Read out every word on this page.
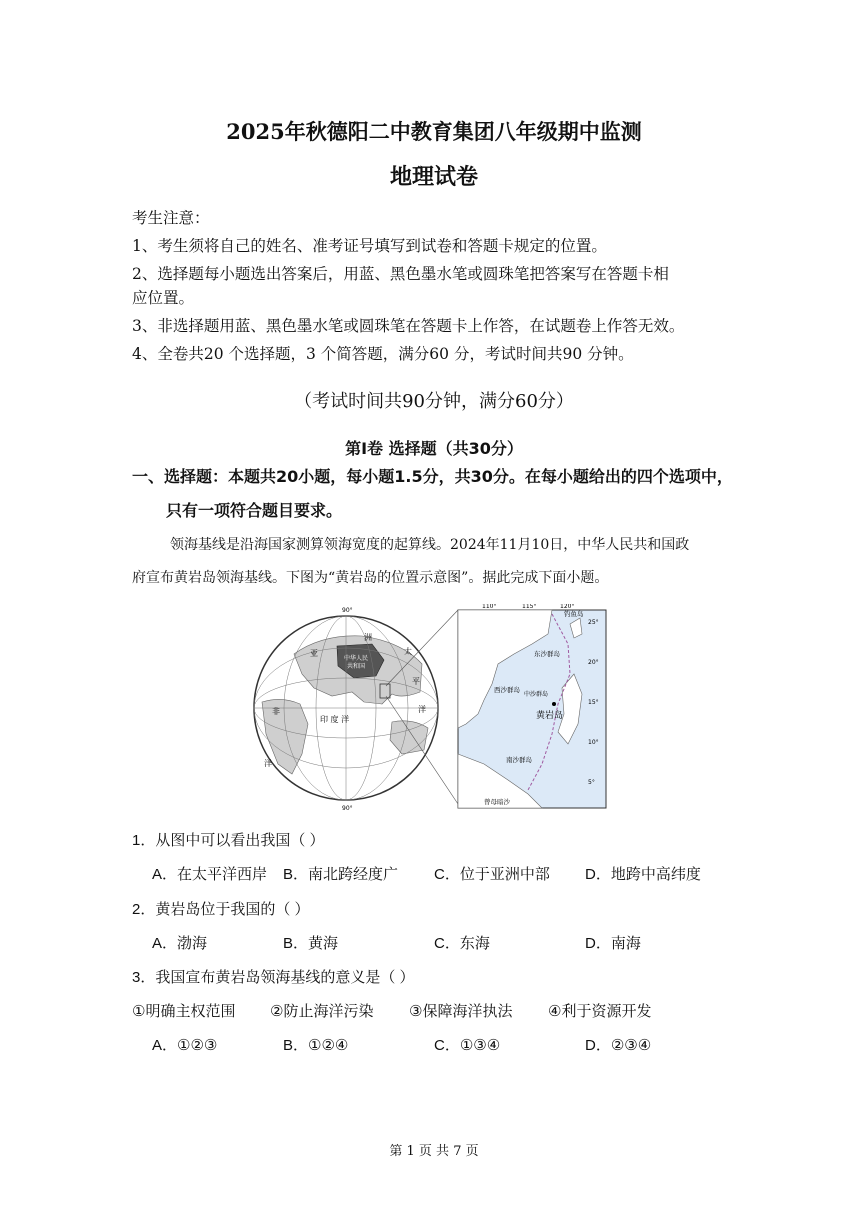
2025年秋德阳二中教育集团八年级期中监测
地理试卷
考生注意：
1、考生须将自己的姓名、准考证号填写到试卷和答题卡规定的位置。
2、选择题每小题选出答案后，用蓝、黑色墨水笔或圆珠笔把答案写在答题卡相
应位置。
3、非选择题用蓝、黑色墨水笔或圆珠笔在答题卡上作答，在试题卷上作答无效。
4、全卷共20 个选择题，3 个简答题，满分60 分，考试时间共90 分钟。
（考试时间共90分钟，满分60分）
第Ⅰ卷 选择题（共30分）
一、选择题：本题共20小题，每小题1.5分，共30分。在每小题给出的四个选项中，
只有一项符合题目要求。
领海基线是沿海国家测算领海宽度的起算线。2024年11月10日，中华人民共和国政
府宣布黄岩岛领海基线。下图为“黄岩岛的位置示意图”。据此完成下面小题。
90°
90°
亚
洲
中华人民
共和国
太
平
洋
印 度 洋
非
洋
110°	115°	120°
钓鱼岛
东沙群岛
西沙群岛
中沙群岛
黄岩岛
南沙群岛
曾母暗沙
25°
20°
15°
10°
5°
1．从图中可以看出我国（ ）
A．在太平洋西岸 B．南北跨经度广 C．位于亚洲中部 D．地跨中高纬度
2．黄岩岛位于我国的（ ）
A．渤海	B．黄海	C．东海	D．南海
3．我国宣布黄岩岛领海基线的意义是（ ）
①明确主权范围 ②防止海洋污染 ③保障海洋执法 ④利于资源开发
A．①②③	B．①②④	C．①③④	D．②③④
第 1 页 共 7 页
